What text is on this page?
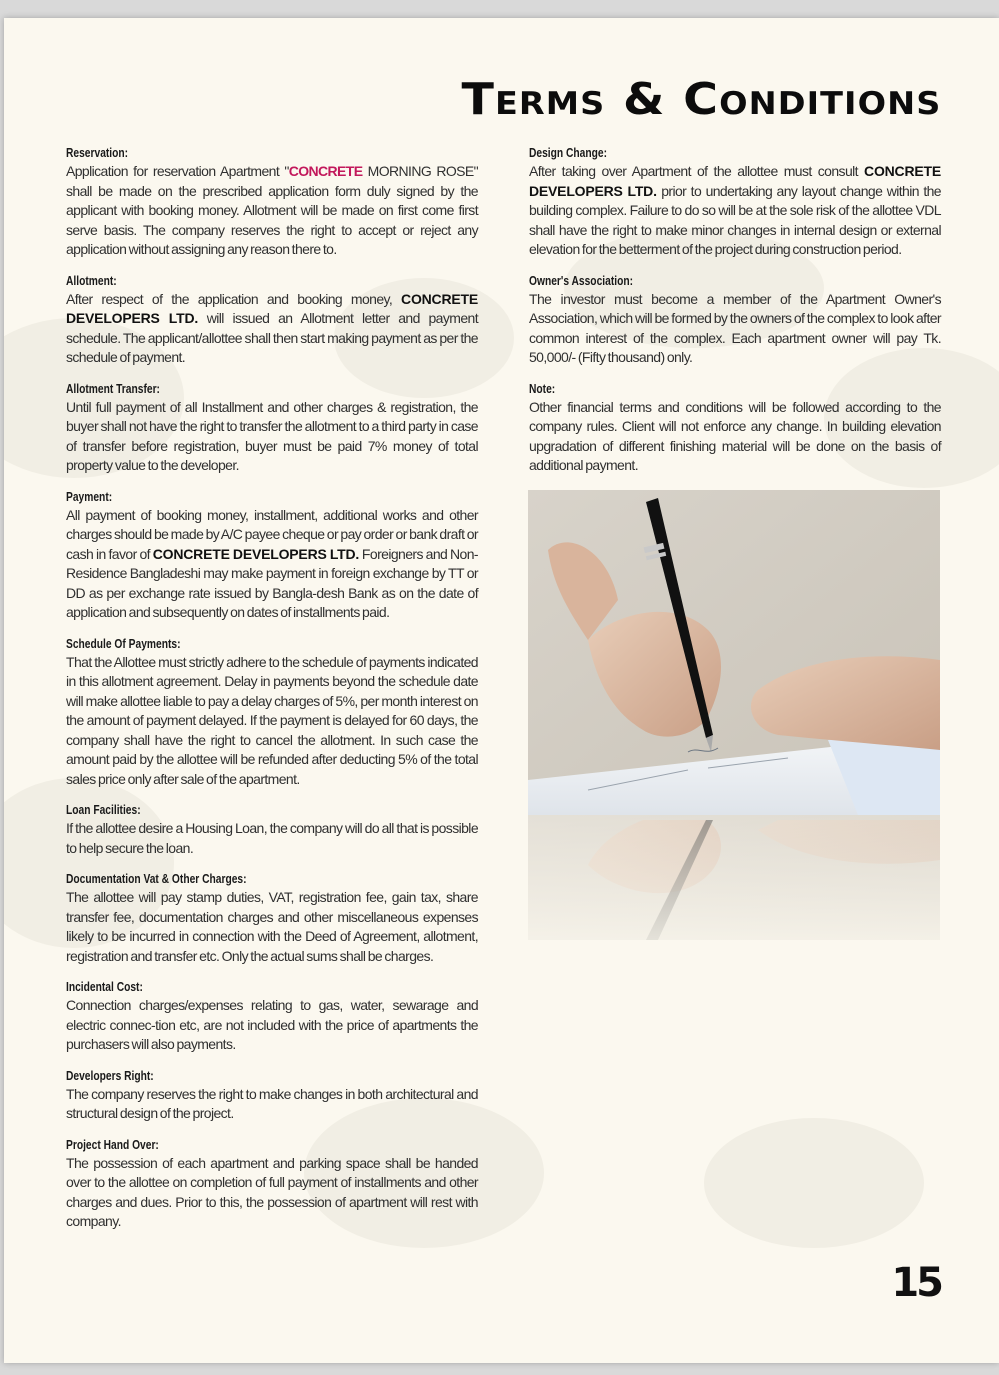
Terms & Conditions
Reservation:

Application for reservation Apartment "CONCRETE MORNING ROSE" shall be made on the prescribed application form duly signed by the applicant with booking money. Allotment will be made on first come first serve basis. The company reserves the right to accept or reject any application without assigning any reason there to.

Allotment:

After respect of the application and booking money, CONCRETE DEVELOPERS LTD. will issued an Allotment letter and payment schedule. The applicant/allottee shall then start making payment as per the schedule of payment.

Allotment Transfer:

Until full payment of all Installment and other charges & registration, the buyer shall not have the right to transfer the allotment to a third party in case of transfer before registration, buyer must be paid 7% money of total property value to the developer.

Payment:

All payment of booking money, installment, additional works and other charges should be made by A/C payee cheque or pay order or bank draft or cash in favor of CONCRETE DEVELOPERS LTD. Foreigners and Non-Residence Bangladeshi may make payment in foreign exchange by TT or DD as per exchange rate issued by Bangla-desh Bank as on the date of application and subsequently on dates of installments paid.

Schedule Of Payments:

That the Allottee must strictly adhere to the schedule of payments indicated in this allotment agreement. Delay in payments beyond the schedule date will make allottee liable to pay a delay charges of 5%, per month interest on the amount of payment delayed. If the payment is delayed for 60 days, the company shall have the right to cancel the allotment. In such case the amount paid by the allottee will be refunded after deducting 5% of the total sales price only after sale of the apartment.

Loan Facilities:

If the allottee desire a Housing Loan, the company will do all that is possible to help secure the loan.

Documentation Vat & Other Charges:

The allottee will pay stamp duties, VAT, registration fee, gain tax, share transfer fee, documentation charges and other miscellaneous expenses likely to be incurred in connection with the Deed of Agreement, allotment, registration and transfer etc. Only the actual sums shall be charges.

Incidental Cost:

Connection charges/expenses relating to gas, water, sewarage and electric connec-tion etc, are not included with the price of apartments the purchasers will also payments.

Developers Right:

The company reserves the right to make changes in both architectural and structural design of the project.

Project Hand Over:

The possession of each apartment and parking space shall be handed over to the allottee on completion of full payment of installments and other charges and dues. Prior to this, the possession of apartment will rest with company.

Design Change:

After taking over Apartment of the allottee must consult CONCRETE DEVELOPERS LTD. prior to undertaking any layout change within the building complex. Failure to do so will be at the sole risk of the allottee VDL shall have the right to make minor changes in internal design or external elevation for the betterment of the project during construction period.

Owner's Association:

The investor must become a member of the Apartment Owner's Association, which will be formed by the owners of the complex to look after common interest of the complex. Each apartment owner will pay Tk. 50,000/- (Fifty thousand) only.

Note:

Other financial terms and conditions will be followed according to the company rules. Client will not enforce any change. In building elevation upgradation of different finishing material will be done on the basis of additional payment.

15
